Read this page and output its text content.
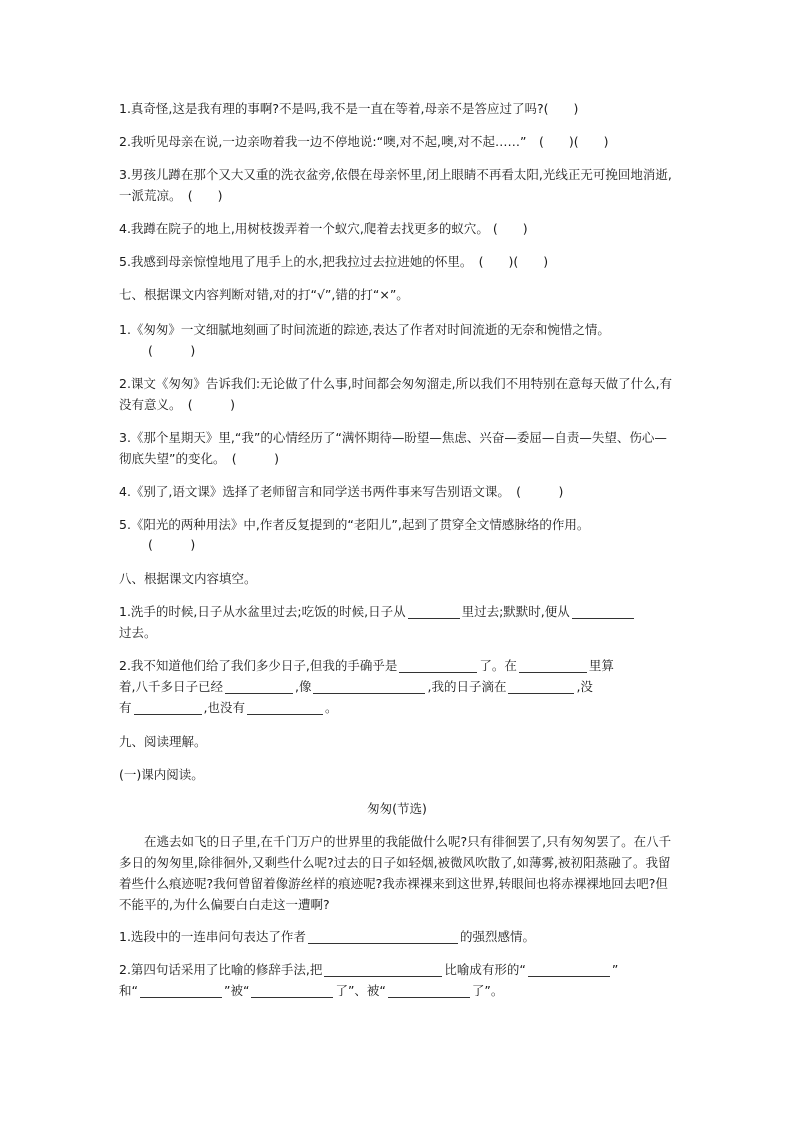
1.真奇怪,这是我有理的事啊?不是吗,我不是一直在等着,母亲不是答应过了吗?(　　)
2.我听见母亲在说,一边亲吻着我一边不停地说:“噢,对不起,噢,对不起……”　(　　)(　　)
3.男孩儿蹲在那个又大又重的洗衣盆旁,依偎在母亲怀里,闭上眼睛不再看太阳,光线正无可挽回地消逝,一派荒凉。　(　　)
4.我蹲在院子的地上,用树枝拨弄着一个蚁穴,爬着去找更多的蚁穴。 (　　)
5.我感到母亲惊惶地甩了甩手上的水,把我拉过去拉进她的怀里。　(　　)(　　)
七、根据课文内容判断对错,对的打“√”,错的打“×”。
1.《匆匆》一文细腻地刻画了时间流逝的踪迹,表达了作者对时间流逝的无奈和惋惜之情。
(　　　)
2.课文《匆匆》告诉我们:无论做了什么事,时间都会匆匆溜走,所以我们不用特别在意每天做了什么,有没有意义。　(　　　)
3.《那个星期天》里,“我”的心情经历了“满怀期待—盼望—焦虑、兴奋—委屈—自责—失望、伤心—彻底失望”的变化。　(　　　)
4.《别了,语文课》选择了老师留言和同学送书两件事来写告别语文课。　(　　　)
5.《阳光的两种用法》中,作者反复提到的“老阳儿”,起到了贯穿全文情感脉络的作用。
(　　　)
八、根据课文内容填空。
1.洗手的时候,日子从水盆里过去;吃饭的时候,日子从	里过去;默默时,便从
过去。
2.我不知道他们给了我们多少日子,但我的手确乎是	了。在	里算
着,八千多日子已经	,像	,我的日子滴在	,没
有	,也没有	。
九、阅读理解。
(一)课内阅读。
匆匆(节选)
在逃去如飞的日子里,在千门万户的世界里的我能做什么呢?只有徘徊罢了,只有匆匆罢了。在八千多日的匆匆里,除徘徊外,又剩些什么呢?过去的日子如轻烟,被微风吹散了,如薄雾,被初阳蒸融了。我留着些什么痕迹呢?我何曾留着像游丝样的痕迹呢?我赤裸裸来到这世界,转眼间也将赤裸裸地回去吧?但不能平的,为什么偏要白白走这一遭啊?
1.选段中的一连串问句表达了作者	的强烈感情。
2.第四句话采用了比喻的修辞手法,把	比喻成有形的“	”
和“	”被“	了”、被“	了”。
